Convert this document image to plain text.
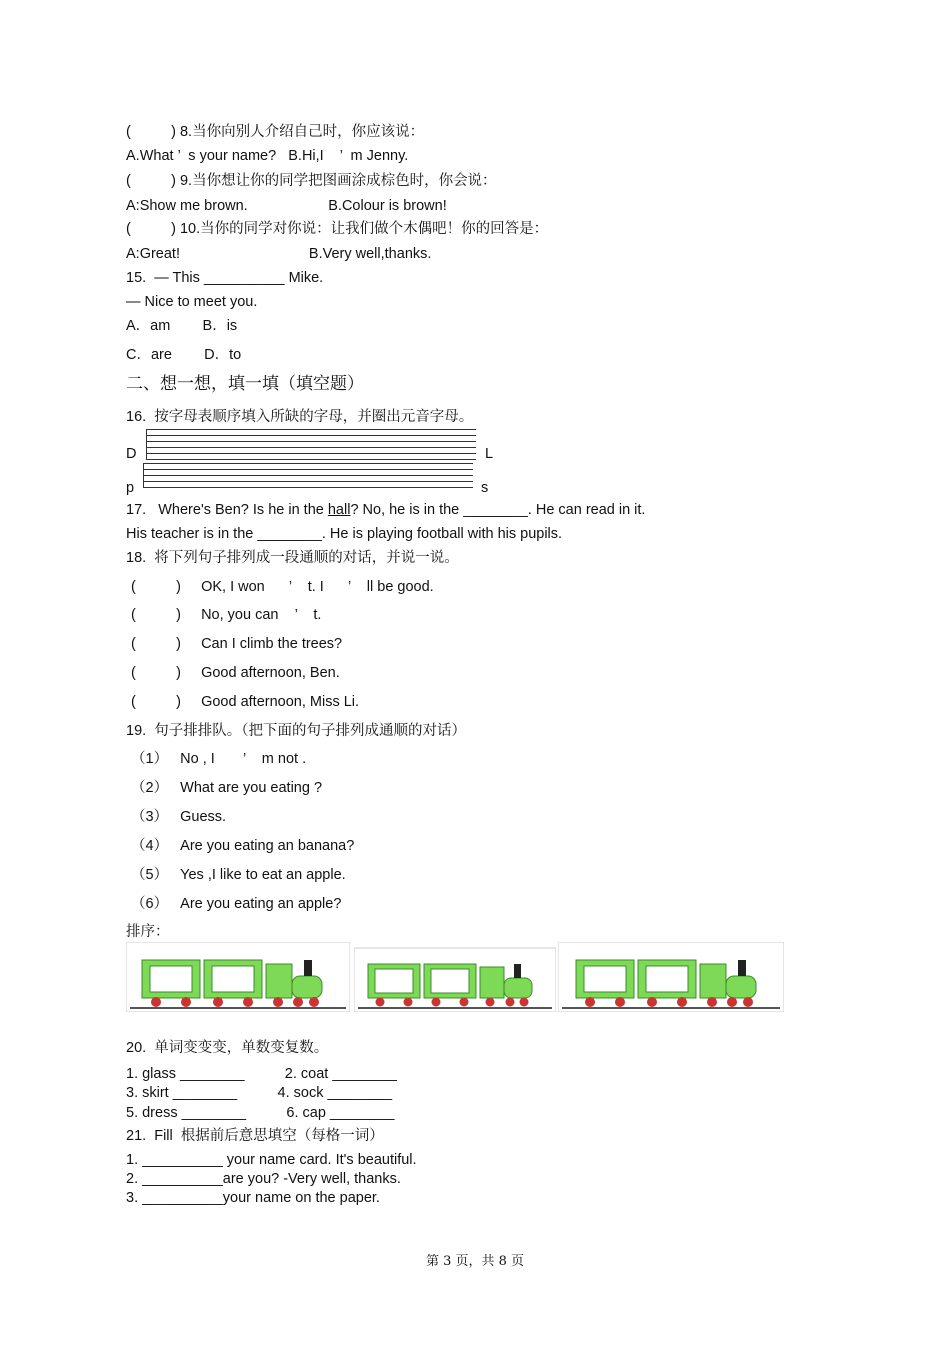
(          ) 8.当你向别人介绍自己时，你应该说：
A.What ’  s your name?   B.Hi,I    ’  m Jenny.
(          ) 9.当你想让你的同学把图画涂成棕色时，你会说：
A:Show me brown.                    B.Colour is brown!
(          ) 10.当你的同学对你说：让我们做个木偶吧！你的回答是：
A:Great!                                B.Very well,thanks.
15.  — This __________ Mike.
— Nice to meet you.
A．am        B．is
C．are        D．to
二、想一想，填一填（填空题）
16.  按字母表顺序填入所缺的字母，并圈出元音字母。
D	L
p	s
17.   Where's Ben? Is he in the hall? No, he is in the ________. He can read in it.
His teacher is in the ________. He is playing football with his pupils.
18.  将下列句子排列成一段通顺的对话，并说一说。
(          )     OK, I won      ’    t. I      ’    ll be good.
(          )     No, you can    ’    t.
(          )     Can I climb the trees?
(          )     Good afternoon, Ben.
(          )     Good afternoon, Miss Li.
19.  句子排排队。（把下面的句子排列成通顺的对话）
（1）   No , I       ’    m not .
（2）   What are you eating ?
（3）   Guess.
（4）   Are you eating an banana?
（5）   Yes ,I like to eat an apple.
（6）   Are you eating an apple?
排序：
20.  单词变变变，单数变复数。
1. glass ________          2. coat ________
3. skirt ________          4. sock ________
5. dress ________          6. cap ________
21.  Fill  根据前后意思填空（每格一词）
1. __________ your name card. It's beautiful.
2. __________are you? -Very well, thanks.
3. __________your name on the paper.
第 3 页，共 8 页
